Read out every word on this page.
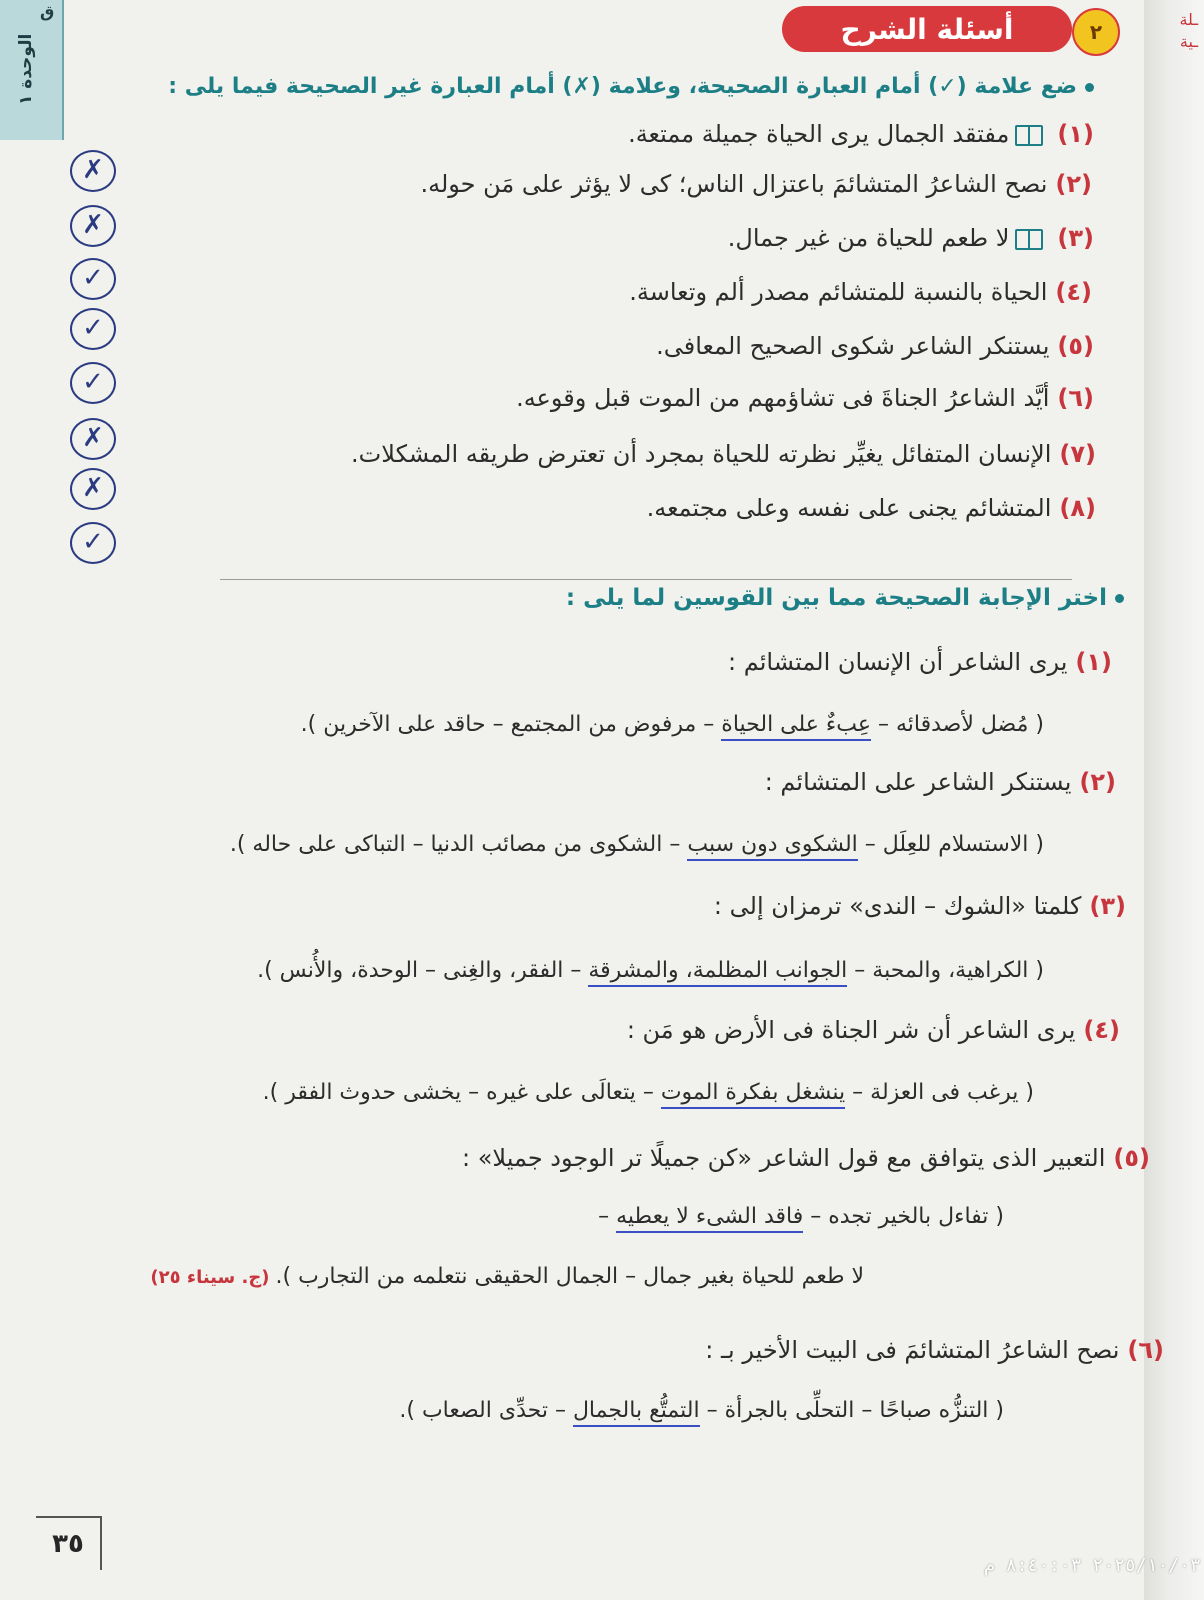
الوحدة ١
ق	ـلة
ـية
أسئلة الشرح	٢
ضع علامة (✓) أمام العبارة الصحيحة، وعلامة (✗) أمام العبارة غير الصحيحة فيما يلى :
(١)مفتقد الجمال يرى الحياة جميلة ممتعة.
(٢)نصح الشاعرُ المتشائمَ باعتزال الناس؛ كى لا يؤثر على مَن حوله.
(٣)لا طعم للحياة من غير جمال.
(٤)الحياة بالنسبة للمتشائم مصدر ألم وتعاسة.
(٥)يستنكر الشاعر شكوى الصحيح المعافى.
(٦)أيَّد الشاعرُ الجناةَ فى تشاؤمهم من الموت قبل وقوعه.
(٧)الإنسان المتفائل يغيِّر نظرته للحياة بمجرد أن تعترض طريقه المشكلات.
(٨)المتشائم يجنى على نفسه وعلى مجتمعه.
✗
✗
✓
✓
✓
✗
✗
✓
اختر الإجابة الصحيحة مما بين القوسين لما يلى :
(١)يرى الشاعر أن الإنسان المتشائم :
( مُضل لأصدقائه – عِبءٌ على الحياة – مرفوض من المجتمع – حاقد على الآخرين ).
(٢)يستنكر الشاعر على المتشائم :
( الاستسلام للعِلَل – الشكوى دون سبب – الشكوى من مصائب الدنيا – التباكى على حاله ).
(٣)كلمتا «الشوك – الندى» ترمزان إلى :
( الكراهية، والمحبة – الجوانب المظلمة، والمشرقة – الفقر، والغِنى – الوحدة، والأُنس ).
(٤)يرى الشاعر أن شر الجناة فى الأرض هو مَن :
( يرغب فى العزلة – ينشغل بفكرة الموت – يتعالَى على غيره – يخشى حدوث الفقر ).
(٥)التعبير الذى يتوافق مع قول الشاعر «كن جميلًا تر الوجود جميلا» :
( تفاءل بالخير تجده – فاقد الشىء لا يعطيه –
لا طعم للحياة بغير جمال – الجمال الحقيقى نتعلمه من التجارب ).(ج. سيناء ٢٥)
(٦)نصح الشاعرُ المتشائمَ فى البيت الأخير بـ :
( التنزُّه صباحًا – التحلِّى بالجرأة – التمتُّع بالجمال – تحدِّى الصعاب ).
٣٥
٢٠٢٥/١٠/٠٣ ٨:٤٠:٠٣ م
